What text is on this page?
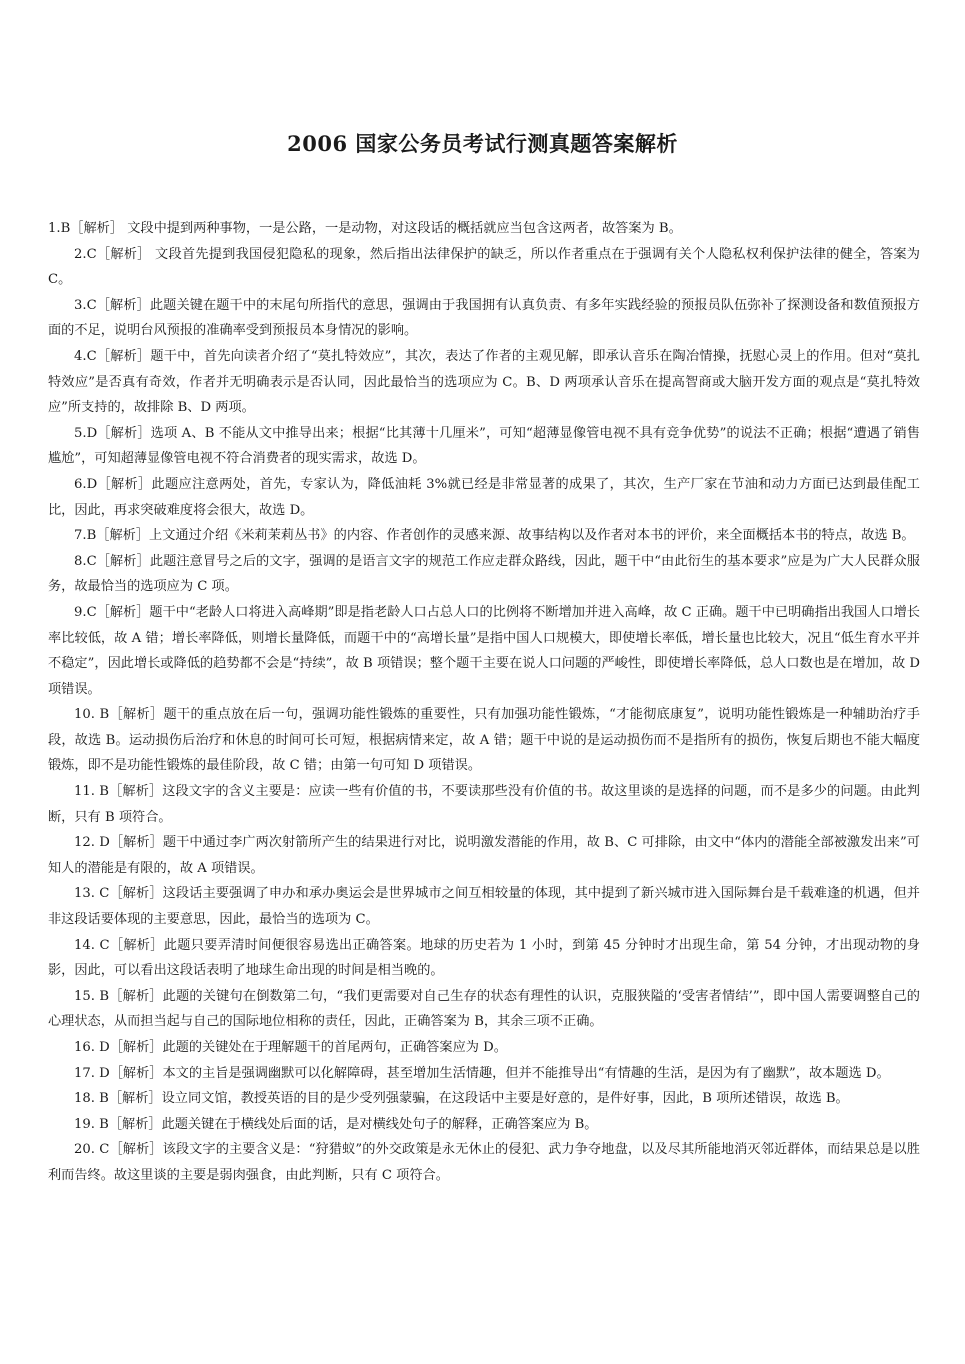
2006 国家公务员考试行测真题答案解析

1.B［解析］ 文段中提到两种事物，一是公路，一是动物，对这段话的概括就应当包含这两者，故答案为 B。

2.C［解析］ 文段首先提到我国侵犯隐私的现象，然后指出法律保护的缺乏，所以作者重点在于强调有关个人隐私权利保护法律的健全，答案为 C。

3.C［解析］此题关键在题干中的末尾句所指代的意思，强调由于我国拥有认真负责、有多年实践经验的预报员队伍弥补了探测设备和数值预报方面的不足，说明台风预报的准确率受到预报员本身情况的影响。

4.C［解析］题干中，首先向读者介绍了“莫扎特效应”，其次，表达了作者的主观见解，即承认音乐在陶冶情操，抚慰心灵上的作用。但对“莫扎特效应”是否真有奇效，作者并无明确表示是否认同，因此最恰当的选项应为 C。B、D 两项承认音乐在提高智商或大脑开发方面的观点是“莫扎特效应”所支持的，故排除 B、D 两项。

5.D［解析］选项 A、B 不能从文中推导出来；根据“比其薄十几厘米”，可知“超薄显像管电视不具有竞争优势”的说法不正确；根据“遭遇了销售尴尬”，可知超薄显像管电视不符合消费者的现实需求，故选 D。

6.D［解析］此题应注意两处，首先，专家认为，降低油耗 3%就已经是非常显著的成果了，其次，生产厂家在节油和动力方面已达到最佳配工比，因此，再求突破难度将会很大，故选 D。

7.B［解析］上文通过介绍《米莉茉莉丛书》的内容、作者创作的灵感来源、故事结构以及作者对本书的评价，来全面概括本书的特点，故选 B。

8.C［解析］此题注意冒号之后的文字，强调的是语言文字的规范工作应走群众路线，因此，题干中“由此衍生的基本要求”应是为广大人民群众服务，故最恰当的选项应为 C 项。

9.C［解析］题干中“老龄人口将进入高峰期”即是指老龄人口占总人口的比例将不断增加并进入高峰，故 C 正确。题干中已明确指出我国人口增长率比较低，故 A 错；增长率降低，则增长量降低，而题干中的“高增长量”是指中国人口规模大，即使增长率低，增长量也比较大，况且“低生育水平并不稳定”，因此增长或降低的趋势都不会是“持续”，故 B 项错误；整个题干主要在说人口问题的严峻性，即使增长率降低，总人口数也是在增加，故 D 项错误。

10. B［解析］题干的重点放在后一句，强调功能性锻炼的重要性，只有加强功能性锻炼，“才能彻底康复”，说明功能性锻炼是一种辅助治疗手段，故选 B。运动损伤后治疗和休息的时间可长可短，根据病情来定，故 A 错；题干中说的是运动损伤而不是指所有的损伤，恢复后期也不能大幅度锻炼，即不是功能性锻炼的最佳阶段，故 C 错；由第一句可知 D 项错误。

11. B［解析］这段文字的含义主要是：应读一些有价值的书，不要读那些没有价值的书。故这里谈的是选择的问题，而不是多少的问题。由此判断，只有 B 项符合。

12. D［解析］题干中通过李广两次射箭所产生的结果进行对比，说明激发潜能的作用，故 B、C 可排除，由文中“体内的潜能全部被激发出来”可知人的潜能是有限的，故 A 项错误。

13. C［解析］这段话主要强调了申办和承办奥运会是世界城市之间互相较量的体现，其中提到了新兴城市进入国际舞台是千载难逢的机遇，但并非这段话要体现的主要意思，因此，最恰当的选项为 C。

14. C［解析］此题只要弄清时间便很容易选出正确答案。地球的历史若为 1 小时，到第 45 分钟时才出现生命，第 54 分钟，才出现动物的身影，因此，可以看出这段话表明了地球生命出现的时间是相当晚的。

15. B［解析］此题的关键句在倒数第二句，“我们更需要对自己生存的状态有理性的认识，克服狭隘的‘受害者情结’”，即中国人需要调整自己的心理状态，从而担当起与自己的国际地位相称的责任，因此，正确答案为 B，其余三项不正确。

16. D［解析］此题的关键处在于理解题干的首尾两句，正确答案应为 D。

17. D［解析］本文的主旨是强调幽默可以化解障碍，甚至增加生活情趣，但并不能推导出“有情趣的生活，是因为有了幽默”，故本题选 D。

18. B［解析］设立同文馆，教授英语的目的是少受列强蒙骗，在这段话中主要是好意的，是件好事，因此，B 项所述错误，故选 B。

19. B［解析］此题关键在于横线处后面的话，是对横线处句子的解释，正确答案应为 B。

20. C［解析］该段文字的主要含义是：“狩猎蚁”的外交政策是永无休止的侵犯、武力争夺地盘，以及尽其所能地消灭邻近群体，而结果总是以胜利而告终。故这里谈的主要是弱肉强食，由此判断，只有 C 项符合。
